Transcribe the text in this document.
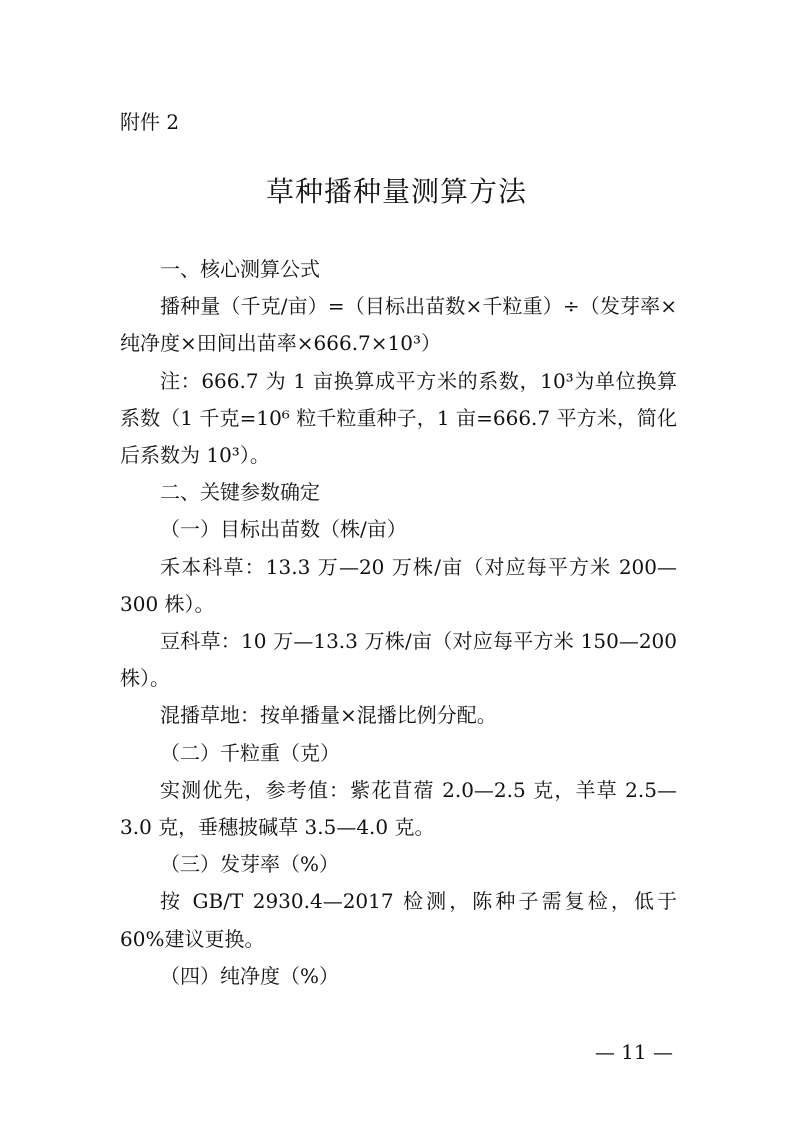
附件 2
草种播种量测算方法

一、核心测算公式

播种量（千克/亩）=（目标出苗数×千粒重）÷（发芽率×纯净度×田间出苗率×666.7×10³）

注：666.7 为 1 亩换算成平方米的系数，10³为单位换算系数（1 千克=10⁶ 粒千粒重种子，1 亩=666.7 平方米，简化后系数为 10³）。

二、关键参数确定

（一）目标出苗数（株/亩）

禾本科草：13.3 万—20 万株/亩（对应每平方米 200—300 株）。

豆科草：10 万—13.3 万株/亩（对应每平方米 150—200 株）。

混播草地：按单播量×混播比例分配。

（二）千粒重（克）

实测优先，参考值：紫花苜蓿 2.0—2.5 克，羊草 2.5—3.0 克，垂穗披碱草 3.5—4.0 克。

（三）发芽率（%）

按 GB/T 2930.4—2017 检测，陈种子需复检，低于 60%建议更换。

（四）纯净度（%）

— 11 —
